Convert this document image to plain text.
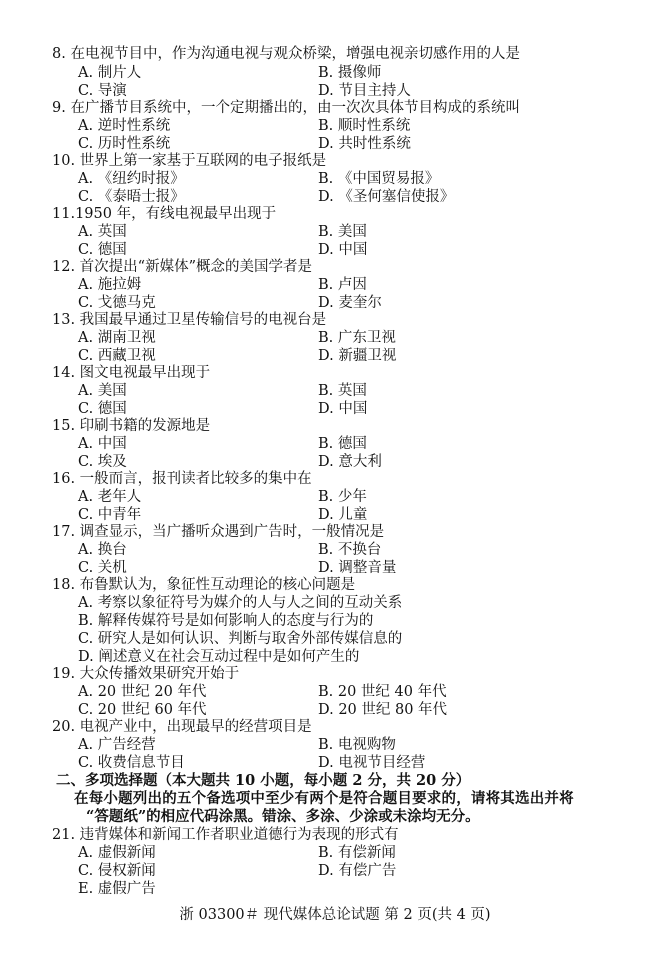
8. 在电视节目中，作为沟通电视与观众桥梁，增强电视亲切感作用的人是
A. 制片人	B. 摄像师
C. 导演	D. 节目主持人
9. 在广播节目系统中，一个定期播出的，由一次次具体节目构成的系统叫
A. 逆时性系统	B. 顺时性系统
C. 历时性系统	D. 共时性系统
10. 世界上第一家基于互联网的电子报纸是
A. 《纽约时报》	B. 《中国贸易报》
C. 《泰晤士报》	D. 《圣何塞信使报》
11.1950 年，有线电视最早出现于
A. 英国	B. 美国
C. 德国	D. 中国
12. 首次提出“新媒体”概念的美国学者是
A. 施拉姆	B. 卢因
C. 戈德马克	D. 麦奎尔
13. 我国最早通过卫星传输信号的电视台是
A. 湖南卫视	B. 广东卫视
C. 西藏卫视	D. 新疆卫视
14. 图文电视最早出现于
A. 美国	B. 英国
C. 德国	D. 中国
15. 印刷书籍的发源地是
A. 中国	B. 德国
C. 埃及	D. 意大利
16. 一般而言，报刊读者比较多的集中在
A. 老年人	B. 少年
C. 中青年	D. 儿童
17. 调查显示，当广播听众遇到广告时，一般情况是
A. 换台	B. 不换台
C. 关机	D. 调整音量
18. 布鲁默认为，象征性互动理论的核心问题是
A. 考察以象征符号为媒介的人与人之间的互动关系
B. 解释传媒符号是如何影响人的态度与行为的
C. 研究人是如何认识、判断与取舍外部传媒信息的
D. 阐述意义在社会互动过程中是如何产生的
19. 大众传播效果研究开始于
A. 20 世纪 20 年代	B. 20 世纪 40 年代
C. 20 世纪 60 年代	D. 20 世纪 80 年代
20. 电视产业中，出现最早的经营项目是
A. 广告经营	B. 电视购物
C. 收费信息节目	D. 电视节目经营
二、多项选择题（本大题共 10 小题，每小题 2 分，共 20 分）
在每小题列出的五个备选项中至少有两个是符合题目要求的，请将其选出并将
“答题纸”的相应代码涂黑。错涂、多涂、少涂或未涂均无分。
21. 违背媒体和新闻工作者职业道德行为表现的形式有
A. 虚假新闻	B. 有偿新闻
C. 侵权新闻	D. 有偿广告
E. 虚假广告
浙 03300＃ 现代媒体总论试题 第 2 页(共 4 页)
